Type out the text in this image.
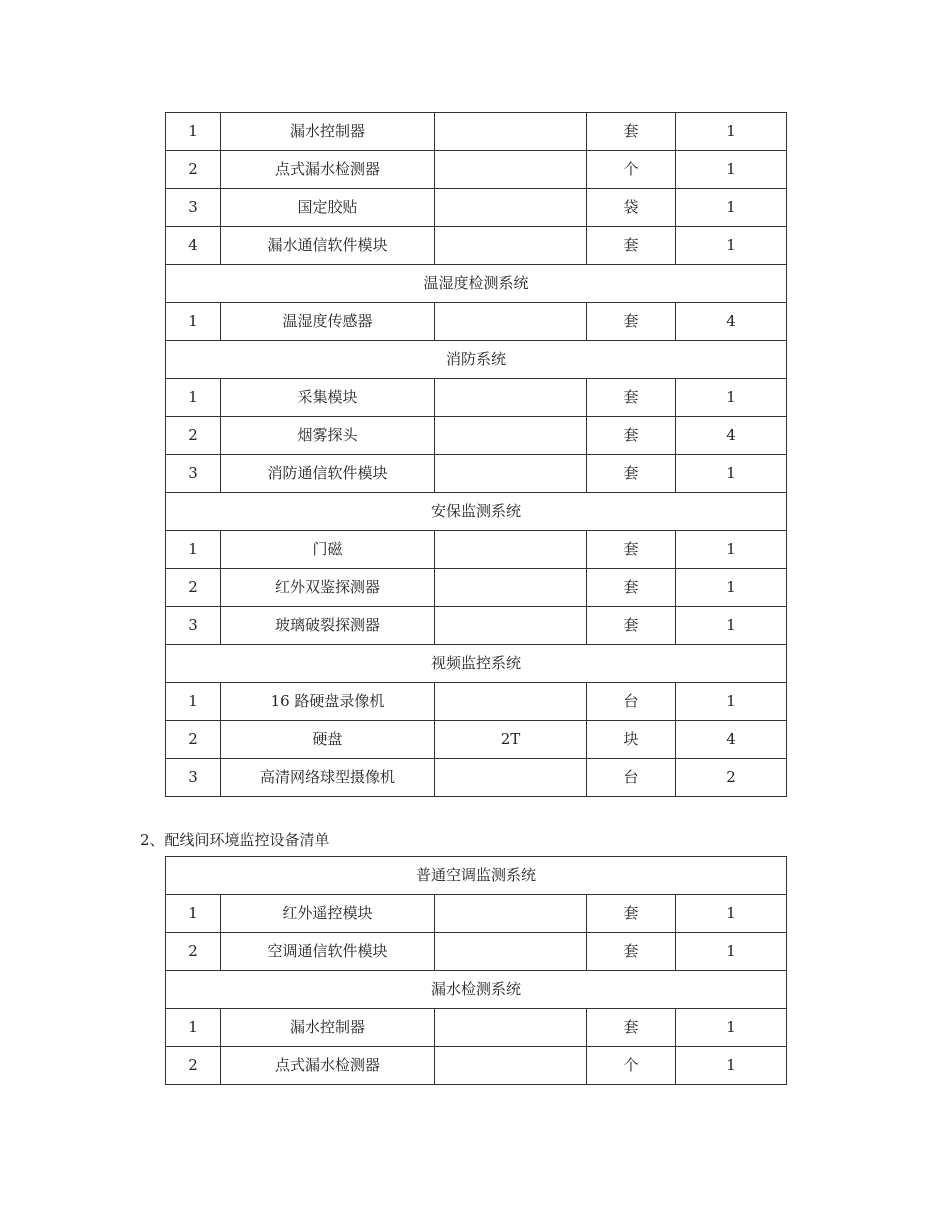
1	漏水控制器		套	1
2	点式漏水检测器		个	1
3	国定胶贴		袋	1
4	漏水通信软件模块		套	1
温湿度检测系统				
1	温湿度传感器		套	4
消防系统				
1	采集模块		套	1
2	烟雾探头		套	4
3	消防通信软件模块		套	1
安保监测系统				
1	门磁		套	1
2	红外双鉴探测器		套	1
3	玻璃破裂探测器		套	1
视频监控系统				
1	16 路硬盘录像机		台	1
2	硬盘	2T	块	4
3	高清网络球型摄像机		台	2
2、配线间环境监控设备清单
普通空调监测系统				
1	红外遥控模块		套	1
2	空调通信软件模块		套	1
漏水检测系统				
1	漏水控制器		套	1
2	点式漏水检测器		个	1
